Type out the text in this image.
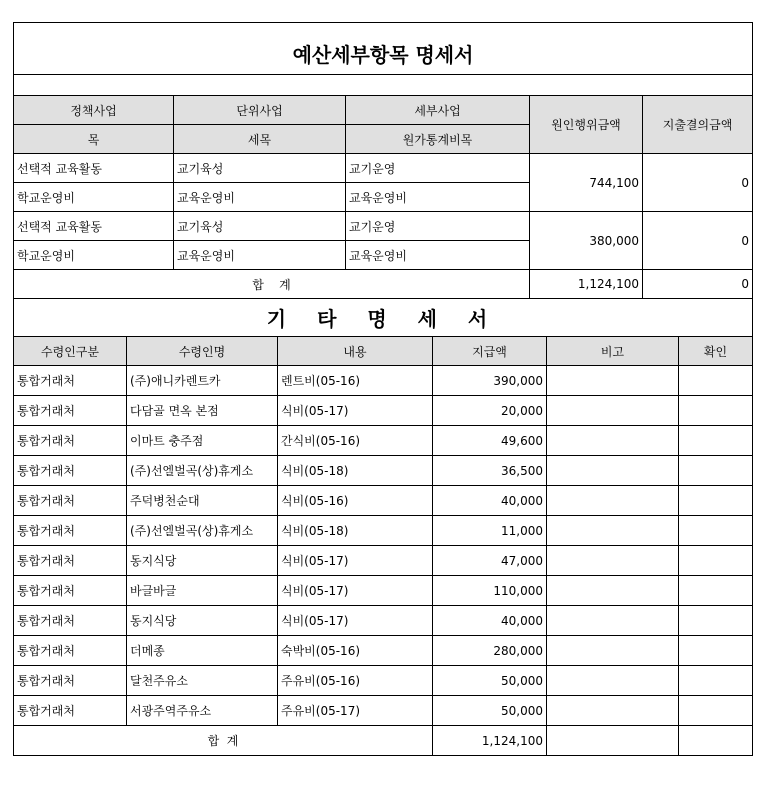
예산세부항목 명세서				

정책사업	단위사업	세부사업	원인행위금액	지출결의금액
목	세목	원가통계비목		
선택적 교육활동	교기육성	교기운영	744,100	0
학교운영비	교육운영비	교육운영비		
선택적 교육활동	교기육성	교기운영	380,000	0
학교운영비	교육운영비	교육운영비		
합    계			1,124,100	0
기 타 명 세 서					
수령인구분	수령인명	내용	지급액	비고	확인
통합거래처	(주)애니카렌트카	렌트비(05-16)	390,000		
통합거래처	다담골 면옥 본점	식비(05-17)	20,000		
통합거래처	이마트 충주점	간식비(05-16)	49,600		
통합거래처	(주)선엘벌곡(상)휴게소	식비(05-18)	36,500		
통합거래처	주덕병천순대	식비(05-16)	40,000		
통합거래처	(주)선엘벌곡(상)휴게소	식비(05-18)	11,000		
통합거래처	동지식당	식비(05-17)	47,000		
통합거래처	바글바글	식비(05-17)	110,000		
통합거래처	동지식당	식비(05-17)	40,000		
통합거래처	더메종	숙박비(05-16)	280,000		
통합거래처	달천주유소	주유비(05-16)	50,000		
통합거래처	서광주역주유소	주유비(05-17)	50,000		
합  계			1,124,100		
